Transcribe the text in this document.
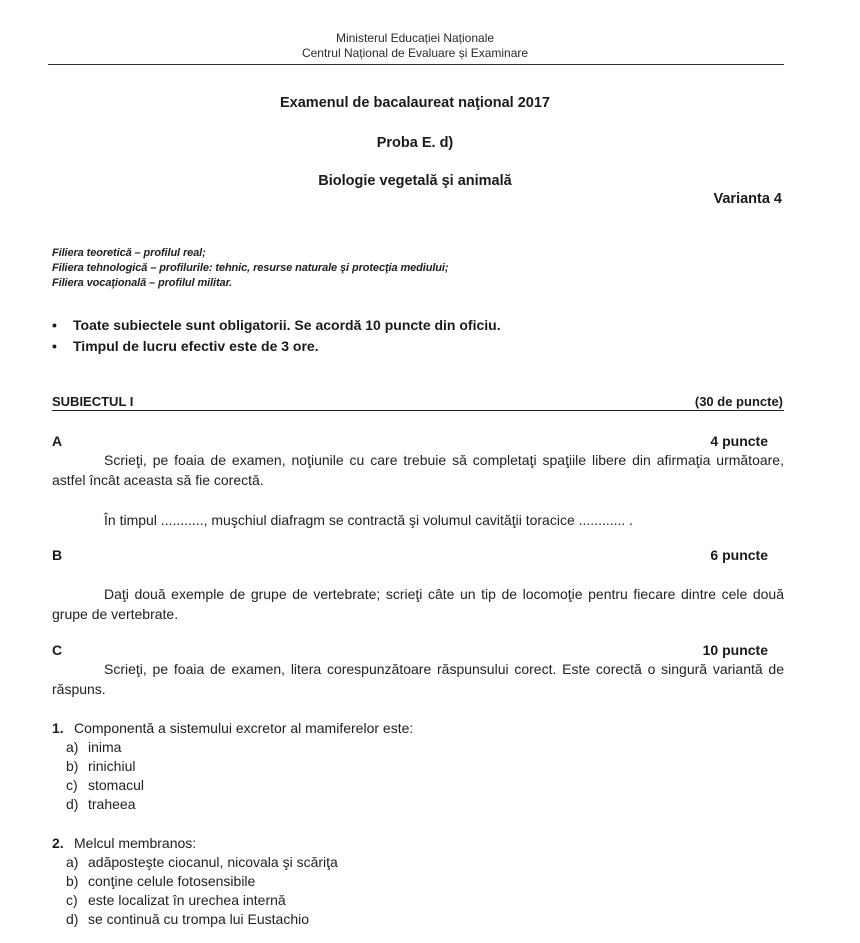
Ministerul Educației Naționale
Centrul Național de Evaluare și Examinare
Examenul de bacalaureat naţional 2017
Proba E. d)
Biologie vegetală şi animală
Varianta 4
Filiera teoretică – profilul real;
Filiera tehnologică – profilurile: tehnic, resurse naturale şi protecţia mediului;
Filiera vocaţională – profilul militar.
• Toate subiectele sunt obligatorii. Se acordă 10 puncte din oficiu.
• Timpul de lucru efectiv este de 3 ore.
SUBIECTUL I	(30 de puncte)
A	4 puncte
Scrieţi, pe foaia de examen, noţiunile cu care trebuie să completaţi spaţiile libere din afirmaţia următoare, astfel încât aceasta să fie corectă.
În timpul ..........., muşchiul diafragm se contractă şi volumul cavităţii toracice ............ .
B	6 puncte
Daţi două exemple de grupe de vertebrate; scrieţi câte un tip de locomoţie pentru fiecare dintre cele două grupe de vertebrate.
C	10 puncte
Scrieţi, pe foaia de examen, litera corespunzătoare răspunsului corect. Este corectă o singură variantă de răspuns.
1. Componentă a sistemului excretor al mamiferelor este:
a) inima
b) rinichiul
c) stomacul
d) traheea
2. Melcul membranos:
a) adăposteşte ciocanul, nicovala şi scăriţa
b) conţine celule fotosensibile
c) este localizat în urechea internă
d) se continuă cu trompa lui Eustachio
